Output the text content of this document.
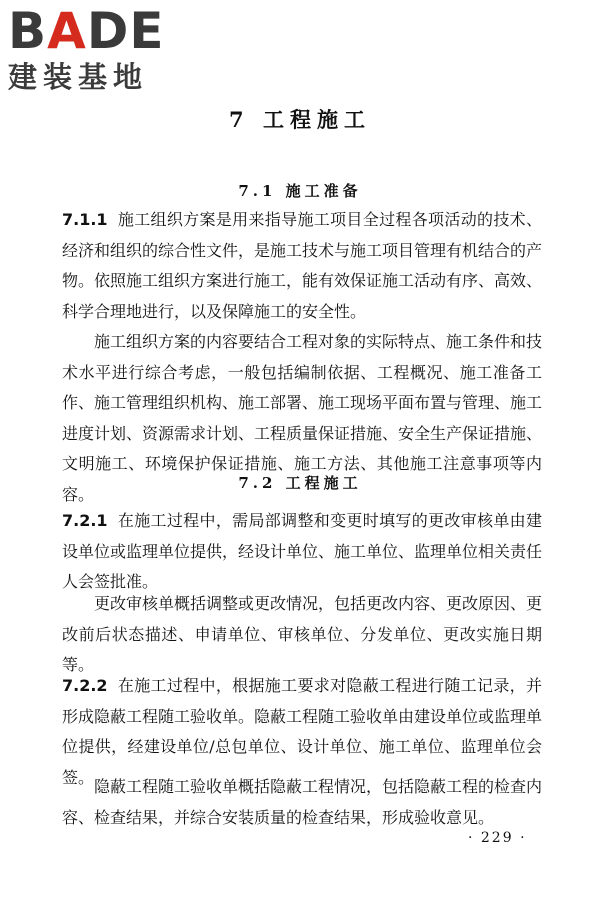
BADE
建装基地
7 工程施工
7.1 施工准备

7.1.1 施工组织方案是用来指导施工项目全过程各项活动的技术、经济和组织的综合性文件，是施工技术与施工项目管理有机结合的产物。依照施工组织方案进行施工，能有效保证施工活动有序、高效、科学合理地进行，以及保障施工的安全性。

施工组织方案的内容要结合工程对象的实际特点、施工条件和技术水平进行综合考虑，一般包括编制依据、工程概况、施工准备工作、施工管理组织机构、施工部署、施工现场平面布置与管理、施工进度计划、资源需求计划、工程质量保证措施、安全生产保证措施、文明施工、环境保护保证措施、施工方法、其他施工注意事项等内容。

7.2 工程施工

7.2.1 在施工过程中，需局部调整和变更时填写的更改审核单由建设单位或监理单位提供，经设计单位、施工单位、监理单位相关责任人会签批准。

更改审核单概括调整或更改情况，包括更改内容、更改原因、更改前后状态描述、申请单位、审核单位、分发单位、更改实施日期等。

7.2.2 在施工过程中，根据施工要求对隐蔽工程进行随工记录，并形成隐蔽工程随工验收单。隐蔽工程随工验收单由建设单位或监理单位提供，经建设单位/总包单位、设计单位、施工单位、监理单位会签。 隐蔽工程随工验收单概括隐蔽工程情况，包括隐蔽工程的检查内容、检查结果，并综合安装质量的检查结果，形成验收意见。

· 229 ·
